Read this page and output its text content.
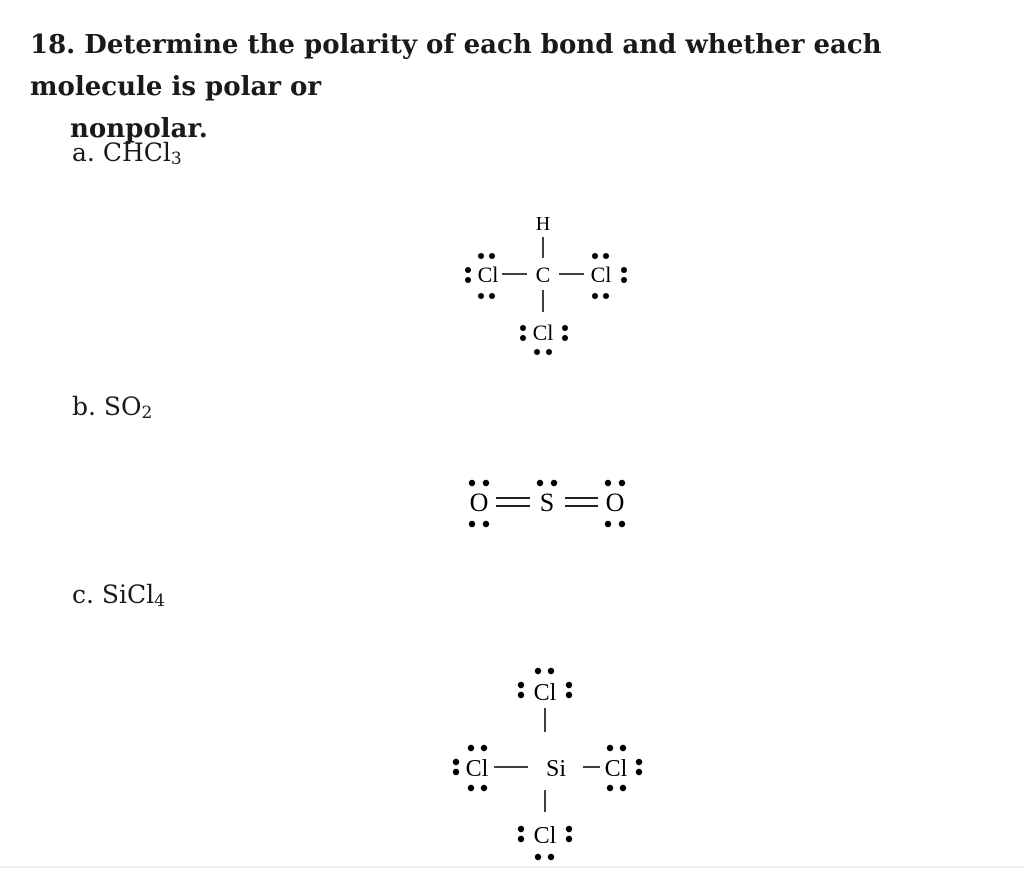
18. Determine the polarity of each bond and whether each molecule is polar or
nonpolar.
a. CHCl$_3$
b. $SO_2$
c. SiCl$_4$
H
C
Cl	Cl
Cl
O S O
Cl
Si
Cl	Cl
Cl
